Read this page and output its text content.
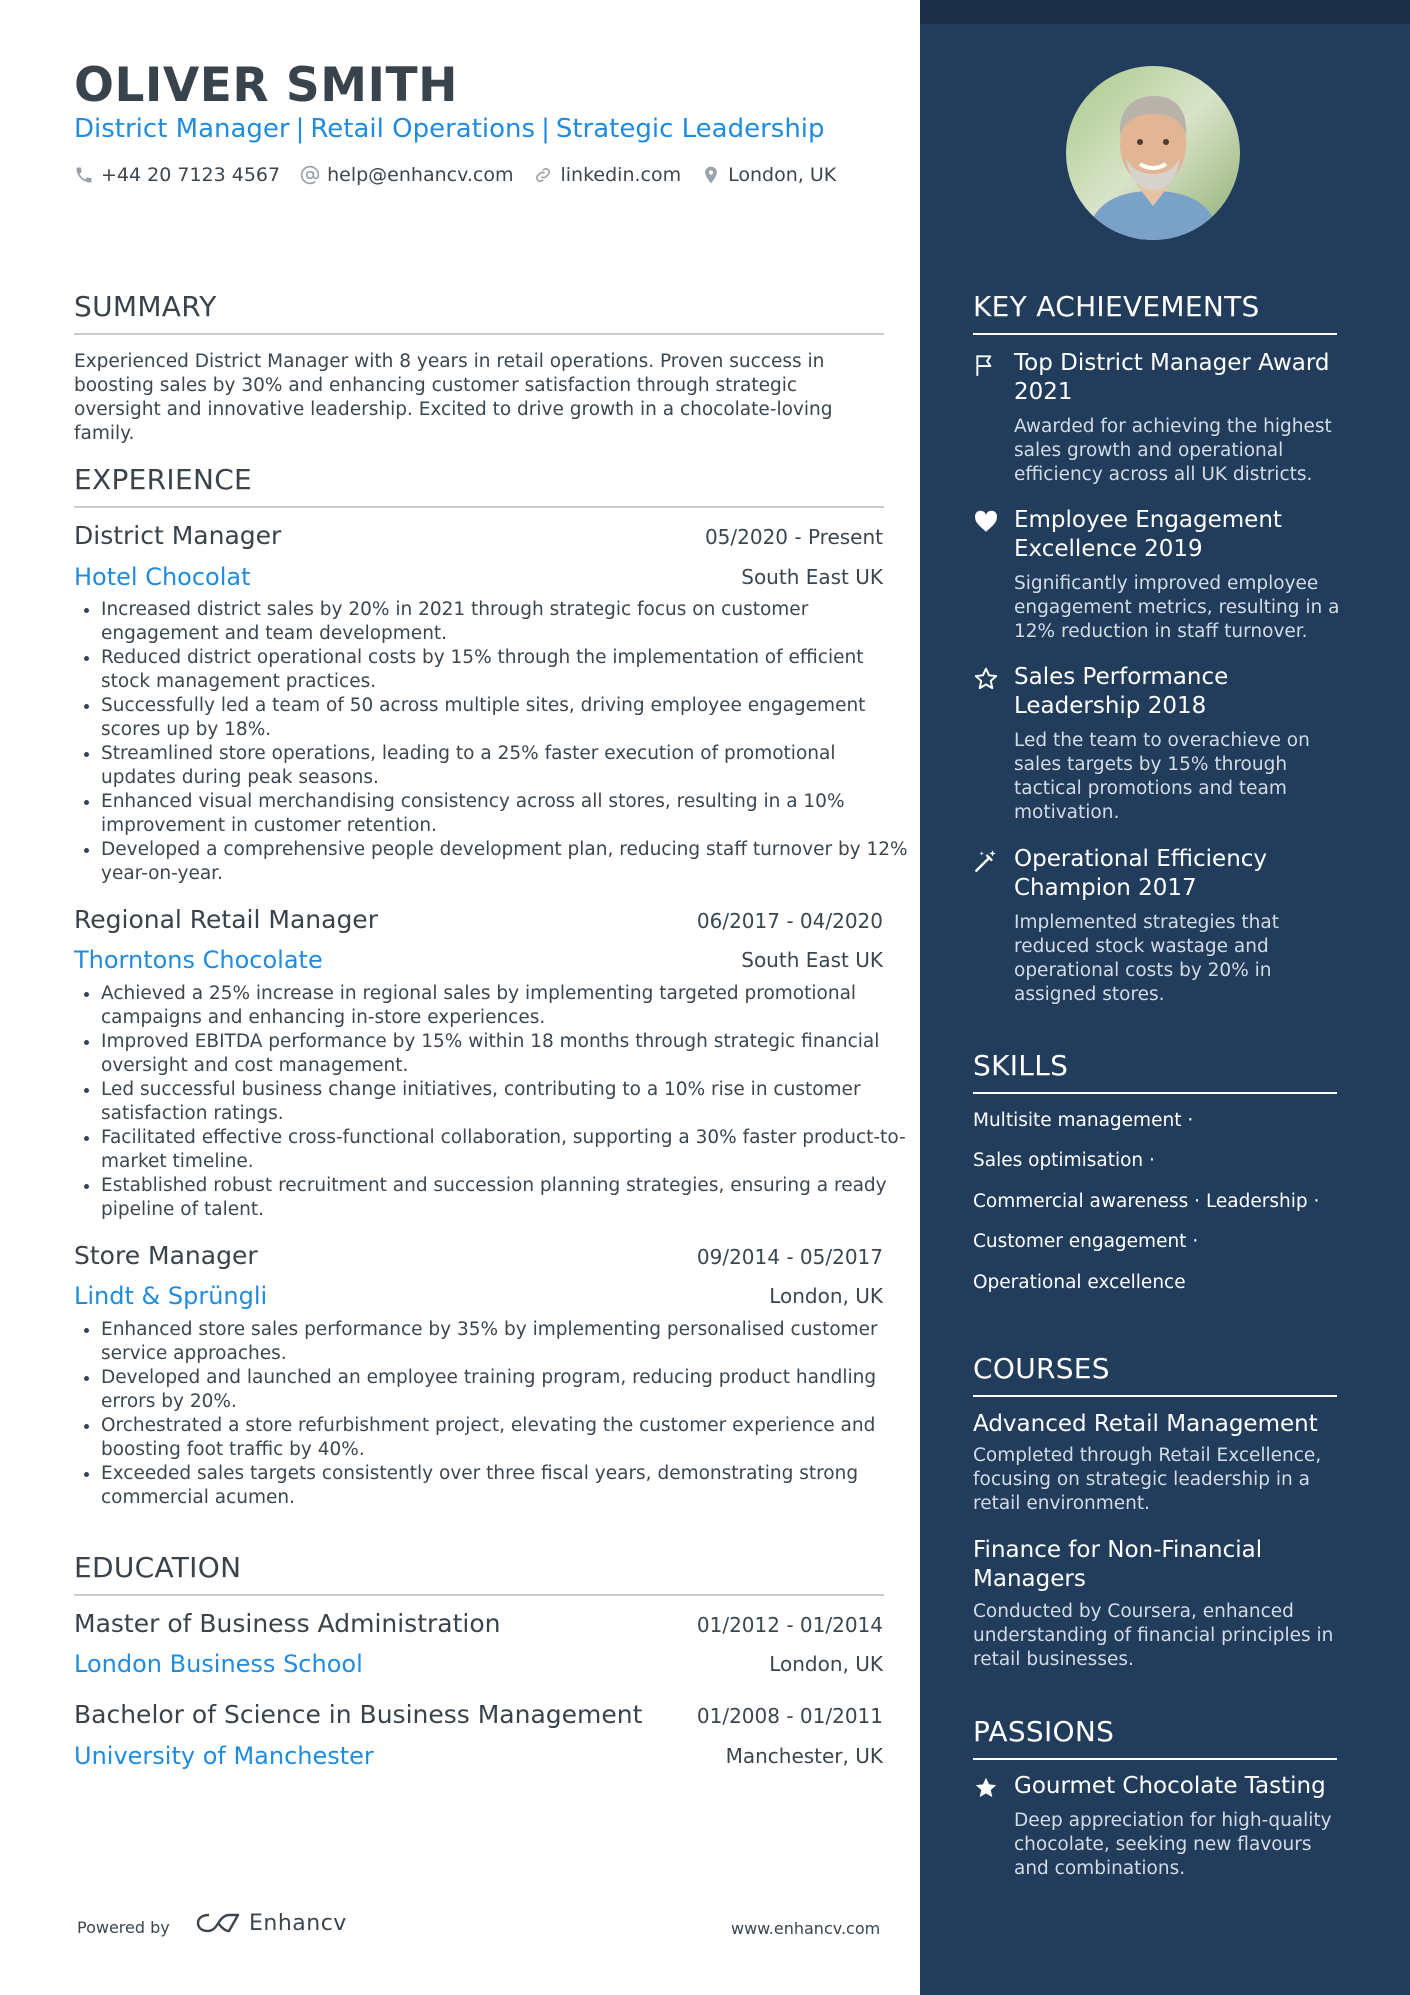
OLIVER SMITH
District Manager | Retail Operations | Strategic Leadership
+44 20 7123 4567 help@enhancv.com linkedin.com London, UK
SUMMARY
Experienced District Manager with 8 years in retail operations. Proven success in boosting sales by 30% and enhancing customer satisfaction through strategic oversight and innovative leadership. Excited to drive growth in a chocolate-loving family.
EXPERIENCE
District Manager	05/2020 - Present
Hotel Chocolat	South East UK
• Increased district sales by 20% in 2021 through strategic focus on customer engagement and team development.
• Reduced district operational costs by 15% through the implementation of efficient stock management practices.
• Successfully led a team of 50 across multiple sites, driving employee engagement scores up by 18%.
• Streamlined store operations, leading to a 25% faster execution of promotional updates during peak seasons.
• Enhanced visual merchandising consistency across all stores, resulting in a 10% improvement in customer retention.
• Developed a comprehensive people development plan, reducing staff turnover by 12% year-on-year.
Regional Retail Manager	06/2017 - 04/2020
Thorntons Chocolate	South East UK
• Achieved a 25% increase in regional sales by implementing targeted promotional campaigns and enhancing in-store experiences.
• Improved EBITDA performance by 15% within 18 months through strategic financial oversight and cost management.
• Led successful business change initiatives, contributing to a 10% rise in customer satisfaction ratings.
• Facilitated effective cross-functional collaboration, supporting a 30% faster product-to-market timeline.
• Established robust recruitment and succession planning strategies, ensuring a ready pipeline of talent.
Store Manager	09/2014 - 05/2017
Lindt & Sprüngli	London, UK
• Enhanced store sales performance by 35% by implementing personalised customer service approaches.
• Developed and launched an employee training program, reducing product handling errors by 20%.
• Orchestrated a store refurbishment project, elevating the customer experience and boosting foot traffic by 40%.
• Exceeded sales targets consistently over three fiscal years, demonstrating strong commercial acumen.
EDUCATION
Master of Business Administration	01/2012 - 01/2014
London Business School	London, UK
Bachelor of Science in Business Management	01/2008 - 01/2011
University of Manchester	Manchester, UK
Powered by	Enhancv	www.enhancv.com
KEY ACHIEVEMENTS
Top District Manager Award 2021
Awarded for achieving the highest sales growth and operational efficiency across all UK districts.
Employee Engagement Excellence 2019
Significantly improved employee engagement metrics, resulting in a 12% reduction in staff turnover.
Sales Performance Leadership 2018
Led the team to overachieve on sales targets by 15% through tactical promotions and team motivation.
Operational Efficiency Champion 2017
Implemented strategies that reduced stock wastage and operational costs by 20% in assigned stores.
SKILLS
Multisite management ·
Sales optimisation ·
Commercial awareness · Leadership ·
Customer engagement ·
Operational excellence
COURSES
Advanced Retail Management
Completed through Retail Excellence, focusing on strategic leadership in a retail environment.
Finance for Non-Financial Managers
Conducted by Coursera, enhanced understanding of financial principles in retail businesses.
PASSIONS
Gourmet Chocolate Tasting
Deep appreciation for high-quality chocolate, seeking new flavours and combinations.
